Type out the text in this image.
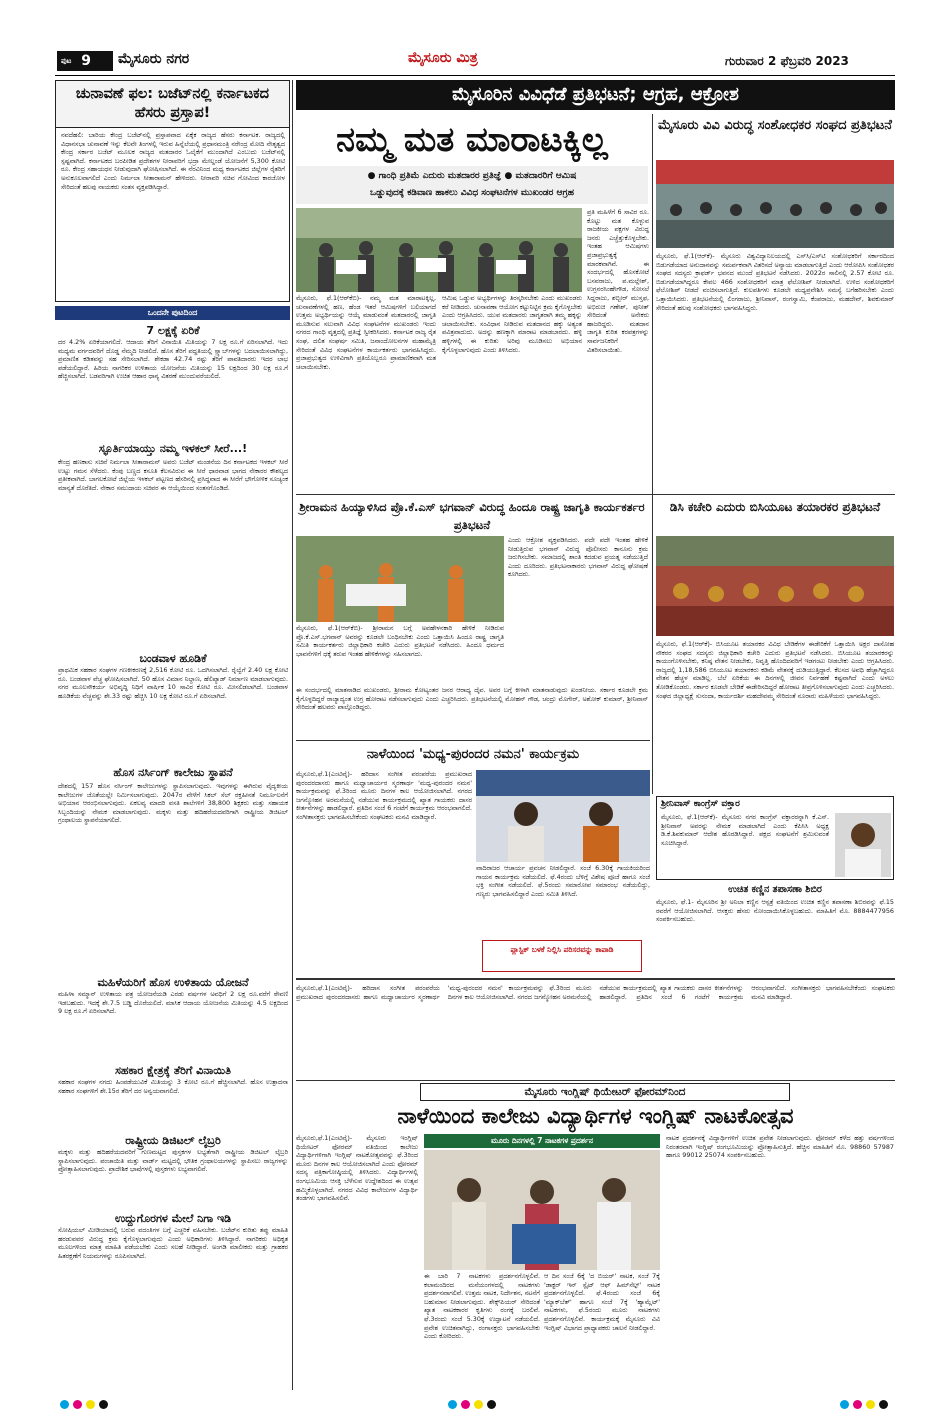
ಪುಟ 9 ಮೈಸೂರು ನಗರ	ಮೈಸೂರು ಮಿತ್ರ	ಗುರುವಾರ 2 ಫೆಬ್ರವರಿ 2023
ಚುನಾವಣೆ ಫಲ: ಬಜೆಟ್‌ನಲ್ಲಿ ಕರ್ನಾಟಕದ ಹೆಸರು ಪ್ರಸ್ತಾಪ!
ನವದೆಹಲಿ: ಬಾರಿಯ ಕೇಂದ್ರ ಬಜೆಟ್‌ನಲ್ಲಿ ಪ್ರಸ್ತಾಪವಾದ ಏಕೈಕ ರಾಜ್ಯದ ಹೆಸರು ಕರ್ನಾಟಕ. ರಾಜ್ಯದಲ್ಲಿ ವಿಧಾನಸಭಾ ಚುನಾವಣೆ ಇನ್ನು ಕೆಲವೇ ತಿಂಗಳಲ್ಲಿ ಇರುವ ಹಿನ್ನೆಲೆಯಲ್ಲಿ ಪ್ರಧಾನಮಂತ್ರಿ ನರೇಂದ್ರ ಮೋದಿ ನೇತೃತ್ವದ ಕೇಂದ್ರ ಸರ್ಕಾರ ಬಜೆಟ್ ಮೂಲಕ ರಾಜ್ಯದ ಮತದಾರರ ಓಲೈಕೆಗೆ ಮುಂದಾಗಿದೆ ಎಂಬುದು ಬಜೆಟ್‌ನಲ್ಲಿ ಸ್ಪಷ್ಟವಾಗಿದೆ. ಕರ್ನಾಟಕದ ಬರಪೀಡಿತ ಪ್ರದೇಶಗಳ ನೀರಾವರಿಗೆ ಭದ್ರಾ ಮೇಲ್ದಂಡೆ ಯೋಜನೆಗೆ 5,300 ಕೋಟಿ ರೂ. ಕೇಂದ್ರ ಸಹಾಯಧನ ನೀಡುವುದಾಗಿ ಘೋಷಿಸಲಾಗಿದೆ. ಈ ನೆರವಿನಿಂದ ಮಧ್ಯ ಕರ್ನಾಟಕದ ಜಿಲ್ಲೆಗಳ ರೈತರಿಗೆ ಅನುಕೂಲವಾಗಲಿದೆ ಎಂದು ನಿರ್ಮಲಾ ಸೀತಾರಾಮನ್ ಹೇಳಿದರು. ನೀರಾವರಿ ಸಚಿವ ಗೋವಿಂದ ಕಾರಜೋಳ ಸೇರಿದಂತೆ ಹಲವು ನಾಯಕರು ಸಂತಸ ವ್ಯಕ್ತಪಡಿಸಿದ್ದಾರೆ.
ಒಂದನೇ ಪುಟದಿಂದ
7 ಲಕ್ಷಕ್ಕೆ ಏರಿಕೆ
ದರ 4.2% ಏರಿಕೆಯಾಗಲಿದೆ. ಆದಾಯ ತೆರಿಗೆ ವಿನಾಯಿತಿ ಮಿತಿಯನ್ನು 7 ಲಕ್ಷ ರೂ.ಗೆ ಏರಿಸಲಾಗಿದೆ. ಇದು ಮಧ್ಯಮ ವರ್ಗದವರಿಗೆ ದೊಡ್ಡ ನೆಮ್ಮದಿ ನೀಡಲಿದೆ. ಹೊಸ ತೆರಿಗೆ ಪದ್ಧತಿಯಲ್ಲಿ ಸ್ಲ್ಯಾಬ್‌ಗಳನ್ನು ಬದಲಾಯಿಸಲಾಗಿದ್ದು, ಪ್ರಮಾಣಿತ ಕಡಿತವನ್ನು ಸಹ ಸೇರಿಸಲಾಗಿದೆ. ಶೇಕಡಾ 42.74 ರಷ್ಟು ತೆರಿಗೆ ಪಾವತಿದಾರರು ಇದರ ಲಾಭ ಪಡೆಯಲಿದ್ದಾರೆ. ಹಿರಿಯ ನಾಗರಿಕರ ಉಳಿತಾಯ ಯೋಜನೆಯ ಮಿತಿಯನ್ನು 15 ಲಕ್ಷದಿಂದ 30 ಲಕ್ಷ ರೂ.ಗೆ ಹೆಚ್ಚಿಸಲಾಗಿದೆ. ಬಡವರಿಗಾಗಿ ಉಚಿತ ಆಹಾರ ಧಾನ್ಯ ವಿತರಣೆ ಮುಂದುವರೆಯಲಿದೆ.
ಸ್ಫೂರ್ತಿಯಾಯ್ತು ನಮ್ಮ ಇಳಕಲ್ ಸೀರೆ...!
ಕೇಂದ್ರ ಹಣಕಾಸು ಸಚಿವೆ ನಿರ್ಮಲಾ ಸೀತಾರಾಮನ್ ಅವರು ಬಜೆಟ್ ಮಂಡನೆಯ ದಿನ ಕರ್ನಾಟಕದ ಇಳಕಲ್ ಸೀರೆ ಉಟ್ಟು ಗಮನ ಸೆಳೆದರು. ಕೆಂಪು ಬಣ್ಣದ ಕಸೂತಿ ಕೆಲಸವಿರುವ ಈ ಸೀರೆ ಧಾರವಾಡ ಭಾಗದ ನೇಕಾರರ ಕೌಶಲ್ಯದ ಪ್ರತೀಕವಾಗಿದೆ. ಬಾಗಲಕೋಟೆ ಜಿಲ್ಲೆಯ ಇಳಕಲ್ ಪಟ್ಟಣದ ಹೆಸರಿನಲ್ಲಿ ಪ್ರಸಿದ್ಧವಾದ ಈ ಸೀರೆಗೆ ಭೌಗೋಳಿಕ ಸೂಚ್ಯಂಕ ಮಾನ್ಯತೆ ದೊರೆತಿದೆ. ನೇಕಾರ ಸಮುದಾಯ ಸಚಿವರ ಈ ಆಯ್ಕೆಯಿಂದ ಸಂತಸಗೊಂಡಿದೆ.
ಬಂಡವಾಳ ಹೂಡಿಕೆ
ಪ್ರಾಥಮಿಕ ಸಹಕಾರ ಸಂಘಗಳ ಗಣಕೀಕರಣಕ್ಕೆ 2,516 ಕೋಟಿ ರೂ. ಒದಗಿಸಲಾಗಿದೆ. ರೈಲ್ವೆಗೆ 2.40 ಲಕ್ಷ ಕೋಟಿ ರೂ. ಬಂಡವಾಳ ವೆಚ್ಚ ಘೋಷಿಸಲಾಗಿದೆ. 50 ಹೊಸ ವಿಮಾನ ನಿಲ್ದಾಣ, ಹೆಲಿಪ್ಯಾಡ್ ನಿರ್ಮಾಣ ಮಾಡಲಾಗುವುದು. ನಗರ ಮೂಲಸೌಕರ್ಯ ಅಭಿವೃದ್ಧಿ ನಿಧಿಗೆ ವಾರ್ಷಿಕ 10 ಸಾವಿರ ಕೋಟಿ ರೂ. ಮೀಸಲಿಡಲಾಗಿದೆ. ಬಂಡವಾಳ ಹೂಡಿಕೆಯ ವೆಚ್ಚವನ್ನು ಶೇ.33 ರಷ್ಟು ಹೆಚ್ಚಿಸಿ 10 ಲಕ್ಷ ಕೋಟಿ ರೂ.ಗೆ ಏರಿಸಲಾಗಿದೆ.
ಹೊಸ ನರ್ಸಿಂಗ್ ಕಾಲೇಜು ಸ್ಥಾಪನೆ
ದೇಶದಲ್ಲಿ 157 ಹೊಸ ನರ್ಸಿಂಗ್ ಕಾಲೇಜುಗಳನ್ನು ಸ್ಥಾಪಿಸಲಾಗುವುದು. ಇವುಗಳನ್ನು ಈಗಿರುವ ವೈದ್ಯಕೀಯ ಕಾಲೇಜುಗಳ ಜೊತೆಯಲ್ಲೇ ನಿರ್ಮಿಸಲಾಗುವುದು. 2047ರ ವೇಳೆಗೆ ಸಿಕಲ್ ಸೆಲ್ ರಕ್ತಹೀನತೆ ನಿರ್ಮೂಲನೆಗೆ ಅಭಿಯಾನ ಆರಂಭಿಸಲಾಗುವುದು. ಏಕಲವ್ಯ ಮಾದರಿ ವಸತಿ ಶಾಲೆಗಳಿಗೆ 38,800 ಶಿಕ್ಷಕರು ಮತ್ತು ಸಹಾಯಕ ಸಿಬ್ಬಂದಿಯನ್ನು ನೇಮಕ ಮಾಡಲಾಗುವುದು. ಮಕ್ಕಳು ಮತ್ತು ಹದಿಹರೆಯದವರಿಗಾಗಿ ರಾಷ್ಟ್ರೀಯ ಡಿಜಿಟಲ್ ಗ್ರಂಥಾಲಯ ಸ್ಥಾಪನೆಯಾಗಲಿದೆ.
ಮಹಿಳೆಯರಿಗೆ ಹೊಸ ಉಳಿತಾಯ ಯೋಜನೆ
ಮಹಿಳಾ ಸಮ್ಮಾನ್ ಉಳಿತಾಯ ಪತ್ರ ಯೋಜನೆಯಡಿ ಎರಡು ವರ್ಷಗಳ ಅವಧಿಗೆ 2 ಲಕ್ಷ ರೂ.ವರೆಗೆ ಠೇವಣಿ ಇಡಬಹುದು. ಇದಕ್ಕೆ ಶೇ.7.5 ಬಡ್ಡಿ ದೊರೆಯಲಿದೆ. ಮಾಸಿಕ ಆದಾಯ ಯೋಜನೆಯ ಮಿತಿಯನ್ನು 4.5 ಲಕ್ಷದಿಂದ 9 ಲಕ್ಷ ರೂ.ಗೆ ಏರಿಸಲಾಗಿದೆ.
ಸಹಕಾರ ಕ್ಷೇತ್ರಕ್ಕೆ ತೆರಿಗೆ ವಿನಾಯಿತಿ
ಸಹಕಾರ ಸಂಘಗಳ ನಗದು ಹಿಂಪಡೆಯುವಿಕೆ ಮಿತಿಯನ್ನು 3 ಕೋಟಿ ರೂ.ಗೆ ಹೆಚ್ಚಿಸಲಾಗಿದೆ. ಹೊಸ ಉತ್ಪಾದನಾ ಸಹಕಾರ ಸಂಘಗಳಿಗೆ ಶೇ.15ರ ತೆರಿಗೆ ದರ ಅನ್ವಯವಾಗಲಿದೆ.
ರಾಷ್ಟ್ರೀಯ ಡಿಜಿಟಲ್ ಲೈಬ್ರರಿ
ಮಕ್ಕಳು ಮತ್ತು ಹದಿಹರೆಯದವರಿಗೆ ಗುಣಮಟ್ಟದ ಪುಸ್ತಕಗಳ ಲಭ್ಯತೆಗಾಗಿ ರಾಷ್ಟ್ರೀಯ ಡಿಜಿಟಲ್ ಲೈಬ್ರರಿ ಸ್ಥಾಪಿಸಲಾಗುವುದು. ಪಂಚಾಯಿತಿ ಮತ್ತು ವಾರ್ಡ್ ಮಟ್ಟದಲ್ಲಿ ಭೌತಿಕ ಗ್ರಂಥಾಲಯಗಳನ್ನು ಸ್ಥಾಪಿಸಲು ರಾಜ್ಯಗಳನ್ನು ಪ್ರೋತ್ಸಾಹಿಸಲಾಗುವುದು. ಪ್ರಾದೇಶಿಕ ಭಾಷೆಗಳಲ್ಲಿ ಪುಸ್ತಕಗಳು ಲಭ್ಯವಾಗಲಿವೆ.
ಉದ್ದುಗೊರಗಳ ಮೇಲೆ ನಿಗಾ ಇಡಿ
ಸೋಷಿಯಲ್ ಮೀಡಿಯಾದಲ್ಲಿ ಬರುವ ವದಂತಿಗಳ ಬಗ್ಗೆ ಎಚ್ಚರಿಕೆ ವಹಿಸಬೇಕು. ಬಜೆಟ್‌ನ ಕುರಿತು ತಪ್ಪು ಮಾಹಿತಿ ಹರಡುವವರ ವಿರುದ್ಧ ಕ್ರಮ ಕೈಗೊಳ್ಳಲಾಗುವುದು ಎಂದು ಅಧಿಕಾರಿಗಳು ತಿಳಿಸಿದ್ದಾರೆ. ನಾಗರಿಕರು ಅಧಿಕೃತ ಮೂಲಗಳಿಂದ ಮಾತ್ರ ಮಾಹಿತಿ ಪಡೆಯಬೇಕು ಎಂದು ಸಲಹೆ ನೀಡಿದ್ದಾರೆ. ಅಂಗಡಿ ಮಾಲೀಕರು ಮತ್ತು ಗ್ರಾಹಕರ ಹಿತರಕ್ಷಣೆಗೆ ನಿಯಮಗಳನ್ನು ರೂಪಿಸಲಾಗಿದೆ.
ಮೈಸೂರಿನ ವಿವಿಧೆಡೆ ಪ್ರತಿಭಟನೆ; ಆಗ್ರಹ, ಆಕ್ರೋಶ
ನಮ್ಮ ಮತ ಮಾರಾಟಕ್ಕಿಲ್ಲ
● ಗಾಂಧಿ ಪ್ರತಿಮೆ ಎದುರು ಮತದಾರರ ಪ್ರತಿಜ್ಞೆ ● ಮತದಾರರಿಗೆ ಆಮಿಷ
ಒಡ್ಡುವುದಕ್ಕೆ ಕಡಿವಾಣ ಹಾಕಲು ವಿವಿಧ ಸಂಘಟನೆಗಳ ಮುಖಂಡರ ಆಗ್ರಹ
ಮೈಸೂರು, ಫೆ.1(ಆರ್‌ಕೆಬಿ)- ನಮ್ಮ ಮತ ಮಾರಾಟಕ್ಕಿಲ್ಲ, ಚುನಾವಣೆಗಳಲ್ಲಿ ಹಣ, ಹೆಂಡ ಇತರೆ ಆಮಿಷಗಳಿಗೆ ಬಲಿಯಾಗದೆ ಉತ್ತಮ ಅಭ್ಯರ್ಥಿಯನ್ನು ಆಯ್ಕೆ ಮಾಡುವಂತೆ ಮತದಾರರಲ್ಲಿ ಜಾಗೃತಿ ಮೂಡಿಸುವ ಸಲುವಾಗಿ ವಿವಿಧ ಸಂಘಟನೆಗಳ ಮುಖಂಡರು ಇಂದು ನಗರದ ಗಾಂಧಿ ವೃತ್ತದಲ್ಲಿ ಪ್ರತಿಜ್ಞೆ ಸ್ವೀಕರಿಸಿದರು. ಕರ್ನಾಟಕ ರಾಜ್ಯ ರೈತ ಸಂಘ, ದಲಿತ ಸಂಘರ್ಷ ಸಮಿತಿ, ಜನಾಂದೋಲನಗಳ ಮಹಾಮೈತ್ರಿ ಸೇರಿದಂತೆ ವಿವಿಧ ಸಂಘಟನೆಗಳ ಕಾರ್ಯಕರ್ತರು ಭಾಗವಹಿಸಿದ್ದರು. ಪ್ರಜಾಪ್ರಭುತ್ವದ ಉಳಿವಿಗಾಗಿ ಪ್ರತಿಯೊಬ್ಬರೂ ಪ್ರಾಮಾಣಿಕವಾಗಿ ಮತ ಚಲಾಯಿಸಬೇಕು.
ಆಮಿಷ ಒಡ್ಡುವ ಅಭ್ಯರ್ಥಿಗಳನ್ನು ತಿರಸ್ಕರಿಸಬೇಕು ಎಂದು ಮುಖಂಡರು ಕರೆ ನೀಡಿದರು. ಚುನಾವಣಾ ಆಯೋಗ ಕಟ್ಟುನಿಟ್ಟಿನ ಕ್ರಮ ಕೈಗೊಳ್ಳಬೇಕು ಎಂದು ಆಗ್ರಹಿಸಿದರು. ಯುವ ಮತದಾರರು ಜಾಗೃತರಾಗಿ ತಮ್ಮ ಹಕ್ಕನ್ನು ಚಲಾಯಿಸಬೇಕು. ಸಂವಿಧಾನ ನೀಡಿರುವ ಮತದಾನದ ಹಕ್ಕು ಅತ್ಯಂತ ಪವಿತ್ರವಾದುದು. ಅದನ್ನು ಹಣಕ್ಕಾಗಿ ಮಾರಾಟ ಮಾಡಬಾರದು. ಹಳ್ಳಿ ಹಳ್ಳಿಗಳಲ್ಲಿ ಈ ಕುರಿತು ಅರಿವು ಮೂಡಿಸಲು ಅಭಿಯಾನ ಕೈಗೊಳ್ಳಲಾಗುವುದು ಎಂದು ತಿಳಿಸಿದರು.
ಪ್ರತಿ ಮಹಿಳೆಗೆ 6 ಸಾವಿರ ರೂ. ಕೊಟ್ಟು ಮತ ಕೊಳ್ಳುವ ರಾಜಕೀಯ ಪಕ್ಷಗಳ ವಿರುದ್ಧ ಜನರು ಎಚ್ಚೆತ್ತುಕೊಳ್ಳಬೇಕು. ಇಂತಹ ಆಮಿಷಗಳು ಪ್ರಜಾಪ್ರಭುತ್ವಕ್ಕೆ ಮಾರಕವಾಗಿವೆ. ಈ ಸಂದರ್ಭದಲ್ಲಿ ಹೊಸಕೋಟೆ ಬಸವರಾಜು, ಪ.ಮಲ್ಲೇಶ್, ಉಗ್ರನರಸಿಂಹೇಗೌಡ, ಸೋಸಲೆ ಸಿದ್ದರಾಜು, ಶಬ್ಬೀರ್ ಮುಸ್ತಫ, ಅಭಿರುಚಿ ಗಣೇಶ್, ಪುನೀತ್ ಸೇರಿದಂತೆ ಅನೇಕರು ಹಾಜರಿದ್ದರು. ಮತದಾನ ಜಾಗೃತಿ ಕುರಿತ ಕರಪತ್ರಗಳನ್ನು ಸಾರ್ವಜನಿಕರಿಗೆ ವಿತರಿಸಲಾಯಿತು.
ಮೈಸೂರು ವಿವಿ ವಿರುದ್ಧ ಸಂಶೋಧಕರ ಸಂಘದ ಪ್ರತಿಭಟನೆ
ಮೈಸೂರು, ಫೆ.1(ಆರ್‌ಕೆ)- ಮೈಸೂರು ವಿಶ್ವವಿದ್ಯಾನಿಲಯದಲ್ಲಿ ಎಸ್‌ಸಿ/ಎಸ್‌ಟಿ ಸಂಶೋಧಕರಿಗೆ ಸರ್ಕಾರದಿಂದ ಬಿಡುಗಡೆಯಾದ ಅನುದಾನವನ್ನು ಸಮರ್ಪಕವಾಗಿ ವಿತರಿಸದೆ ಅನ್ಯಾಯ ಮಾಡಲಾಗುತ್ತಿದೆ ಎಂದು ಆರೋಪಿಸಿ ಸಂಶೋಧಕರ ಸಂಘದ ಸದಸ್ಯರು ಕ್ರಾಫರ್ಡ್ ಭವನದ ಮುಂದೆ ಪ್ರತಿಭಟನೆ ನಡೆಸಿದರು. 2022ರ ಸಾಲಿನಲ್ಲಿ 2.57 ಕೋಟಿ ರೂ. ಬಿಡುಗಡೆಯಾಗಿದ್ದರೂ ಕೇವಲ 466 ಸಂಶೋಧಕರಿಗೆ ಮಾತ್ರ ಫೆಲೋಶಿಪ್ ನೀಡಲಾಗಿದೆ. ಉಳಿದ ಸಂಶೋಧಕರಿಗೆ ಫೆಲೋಶಿಪ್ ನೀಡದೆ ವಂಚಿಸಲಾಗುತ್ತಿದೆ. ಕುಲಪತಿಗಳು ಕೂಡಲೇ ಮಧ್ಯಪ್ರವೇಶಿಸಿ ಸಮಸ್ಯೆ ಬಗೆಹರಿಸಬೇಕು ಎಂದು ಒತ್ತಾಯಿಸಿದರು. ಪ್ರತಿಭಟನೆಯಲ್ಲಿ ಲಿಂಗರಾಜು, ಶ್ರೀನಿವಾಸ್, ರಂಗಸ್ವಾಮಿ, ಕೆಂಪರಾಜು, ಮಹದೇವ್, ಶಿವಕುಮಾರ್ ಸೇರಿದಂತೆ ಹಲವು ಸಂಶೋಧಕರು ಭಾಗವಹಿಸಿದ್ದರು.
ಶ್ರೀರಾಮನ ಹಿಯ್ಯಾಳಿಸಿದ ಪ್ರೊ.ಕೆ.ಎಸ್ ಭಗವಾನ್ ವಿರುದ್ಧ ಹಿಂದೂ ರಾಷ್ಟ್ರ ಜಾಗೃತಿ ಕಾರ್ಯಕರ್ತರ ಪ್ರತಿಭಟನೆ
ಮೈಸೂರು, ಫೆ.1(ಆರ್‌ಕೆಬಿ)- ಶ್ರೀರಾಮನ ಬಗ್ಗೆ ಅವಹೇಳನಕಾರಿ ಹೇಳಿಕೆ ನೀಡಿರುವ ಪ್ರೊ.ಕೆ.ಎಸ್.ಭಗವಾನ್ ಅವರನ್ನು ಕೂಡಲೇ ಬಂಧಿಸಬೇಕು ಎಂದು ಒತ್ತಾಯಿಸಿ ಹಿಂದೂ ರಾಷ್ಟ್ರ ಜಾಗೃತಿ ಸಮಿತಿ ಕಾರ್ಯಕರ್ತರು ಜಿಲ್ಲಾಧಿಕಾರಿ ಕಚೇರಿ ಎದುರು ಪ್ರತಿಭಟನೆ ನಡೆಸಿದರು. ಹಿಂದೂ ಧರ್ಮದ ಭಾವನೆಗಳಿಗೆ ಧಕ್ಕೆ ತರುವ ಇಂತಹ ಹೇಳಿಕೆಗಳನ್ನು ಸಹಿಸಲಾಗದು.
ಎಂದು ಆಕ್ರೋಶ ವ್ಯಕ್ತಪಡಿಸಿದರು. ಪದೇ ಪದೇ ಇಂತಹ ಹೇಳಿಕೆ ನೀಡುತ್ತಿರುವ ಭಗವಾನ್ ವಿರುದ್ಧ ಪೊಲೀಸರು ಕಾನೂನು ಕ್ರಮ ಜರುಗಿಸಬೇಕು. ಸಮಾಜದಲ್ಲಿ ಶಾಂತಿ ಕದಡುವ ಪ್ರಯತ್ನ ನಡೆಯುತ್ತಿದೆ ಎಂದು ದೂರಿದರು. ಪ್ರತಿಭಟನಾಕಾರರು ಭಗವಾನ್ ವಿರುದ್ಧ ಘೋಷಣೆ ಕೂಗಿದರು.
ಈ ಸಂದರ್ಭದಲ್ಲಿ ಮಾತನಾಡಿದ ಮುಖಂಡರು, ಶ್ರೀರಾಮ ಕೋಟ್ಯಂತರ ಜನರ ಆರಾಧ್ಯ ದೈವ. ಅವರ ಬಗ್ಗೆ ಕೀಳಾಗಿ ಮಾತನಾಡುವುದು ಖಂಡನೀಯ. ಸರ್ಕಾರ ಕೂಡಲೇ ಕ್ರಮ ಕೈಗೊಳ್ಳದಿದ್ದರೆ ರಾಜ್ಯಾದ್ಯಂತ ಉಗ್ರ ಹೋರಾಟ ನಡೆಸಲಾಗುವುದು ಎಂದು ಎಚ್ಚರಿಸಿದರು. ಪ್ರತಿಭಟನೆಯಲ್ಲಿ ಮೋಹನ್ ಗೌಡ, ಚಂದ್ರು ಮೊಗೇರ್, ಅಶೋಕ್ ಕುಮಾರ್, ಶ್ರೀನಿವಾಸ್ ಸೇರಿದಂತೆ ಹಲವರು ಪಾಲ್ಗೊಂಡಿದ್ದರು.
ಡಿಸಿ ಕಚೇರಿ ಎದುರು ಬಿಸಿಯೂಟ ತಯಾರಕರ ಪ್ರತಿಭಟನೆ
ಮೈಸೂರು, ಫೆ.1(ಆರ್‌ಕೆ)- ಬಿಸಿಯೂಟ ತಯಾರಕರ ವಿವಿಧ ಬೇಡಿಕೆಗಳ ಈಡೇರಿಕೆಗೆ ಒತ್ತಾಯಿಸಿ ಅಕ್ಷರ ದಾಸೋಹ ನೌಕರರ ಸಂಘದ ಸದಸ್ಯರು ಜಿಲ್ಲಾಧಿಕಾರಿ ಕಚೇರಿ ಎದುರು ಪ್ರತಿಭಟನೆ ನಡೆಸಿದರು. ಬಿಸಿಯೂಟ ತಯಾರಕರನ್ನು ಕಾಯಂಗೊಳಿಸಬೇಕು, ಕನಿಷ್ಠ ವೇತನ ನೀಡಬೇಕು, ನಿವೃತ್ತಿ ಹೊಂದಿದವರಿಗೆ ಇಡಗಂಟು ನೀಡಬೇಕು ಎಂದು ಆಗ್ರಹಿಸಿದರು. ರಾಜ್ಯದಲ್ಲಿ 1,18,586 ಬಿಸಿಯೂಟ ತಯಾರಕರು ಕಡಿಮೆ ವೇತನಕ್ಕೆ ದುಡಿಯುತ್ತಿದ್ದಾರೆ. ಕೆಲಸದ ಅವಧಿ ಹೆಚ್ಚಾಗಿದ್ದರೂ ವೇತನ ಹೆಚ್ಚಳ ಮಾಡಿಲ್ಲ. ಬೆಲೆ ಏರಿಕೆಯ ಈ ದಿನಗಳಲ್ಲಿ ಜೀವನ ನಿರ್ವಹಣೆ ಕಷ್ಟವಾಗಿದೆ ಎಂದು ಅಳಲು ತೋಡಿಕೊಂಡರು. ಸರ್ಕಾರ ಕೂಡಲೇ ಬೇಡಿಕೆ ಈಡೇರಿಸದಿದ್ದರೆ ಹೋರಾಟ ತೀವ್ರಗೊಳಿಸಲಾಗುವುದು ಎಂದು ಎಚ್ಚರಿಸಿದರು. ಸಂಘದ ಜಿಲ್ಲಾಧ್ಯಕ್ಷೆ ಸುನಂದಾ, ಕಾರ್ಯದರ್ಶಿ ಮಹದೇವಮ್ಮ ಸೇರಿದಂತೆ ನೂರಾರು ಮಹಿಳೆಯರು ಭಾಗವಹಿಸಿದ್ದರು.
ಶ್ರೀನಿವಾಸ್ ಕಾಂಗ್ರೆಸ್ ವಕ್ತಾರ
ಮೈಸೂರು, ಫೆ.1(ಆರ್‌ಕೆ)- ಮೈಸೂರು ನಗರ ಕಾಂಗ್ರೆಸ್ ವಕ್ತಾರರನ್ನಾಗಿ ಕೆ.ಎಸ್. ಶ್ರೀನಿವಾಸ್ ಅವರನ್ನು ನೇಮಕ ಮಾಡಲಾಗಿದೆ ಎಂದು ಕೆಪಿಸಿಸಿ ಅಧ್ಯಕ್ಷ ಡಿ.ಕೆ.ಶಿವಕುಮಾರ್ ಆದೇಶ ಹೊರಡಿಸಿದ್ದಾರೆ. ಪಕ್ಷದ ಸಂಘಟನೆಗೆ ಶ್ರಮಿಸುವಂತೆ ಸೂಚಿಸಿದ್ದಾರೆ.
ಉಚಿತ ಕಣ್ಣಿನ ತಪಾಸಣಾ ಶಿಬಿರ
ಮೈಸೂರು, ಫೆ.1- ಮೈಸೂರಿನ ಶ್ರೀ ಅನಿಲಾ ಕಣ್ಣಿನ ಆಸ್ಪತ್ರೆ ವತಿಯಿಂದ ಉಚಿತ ಕಣ್ಣಿನ ತಪಾಸಣಾ ಶಿಬಿರವನ್ನು ಫೆ.15 ರವರೆಗೆ ಆಯೋಜಿಸಲಾಗಿದೆ. ಆಸಕ್ತರು ಹೆಸರು ನೋಂದಾಯಿಸಿಕೊಳ್ಳಬಹುದು. ಮಾಹಿತಿಗೆ ಮೊ. 8884477956 ಸಂಪರ್ಕಿಸಬಹುದು.
ನಾಳೆಯಿಂದ 'ಮಧ್ಯ-ಪುರಂದರ ನಮನ' ಕಾರ್ಯಕ್ರಮ
ಮೈಸೂರು,ಫೆ.1(ಎಂಟಿವೈ)- ಹರಿದಾಸ ಸಂಗೀತ ಪರಂಪರೆಯ ಪ್ರಮುಖರಾದ ಪುರಂದರದಾಸರು ಹಾಗೂ ಮಧ್ವಾಚಾರ್ಯರ ಸ್ಮರಣಾರ್ಥ 'ಮಧ್ವ-ಪುರಂದರ ನಮನ' ಕಾರ್ಯಕ್ರಮವನ್ನು ಫೆ.3ರಿಂದ ಮೂರು ದಿನಗಳ ಕಾಲ ಆಯೋಜಿಸಲಾಗಿದೆ. ನಗರದ ಜಗನ್ಮೋಹನ ಅರಮನೆಯಲ್ಲಿ ನಡೆಯುವ ಕಾರ್ಯಕ್ರಮದಲ್ಲಿ ಖ್ಯಾತ ಗಾಯಕರು ದಾಸರ ಕೀರ್ತನೆಗಳನ್ನು ಹಾಡಲಿದ್ದಾರೆ. ಪ್ರತಿದಿನ ಸಂಜೆ 6 ಗಂಟೆಗೆ ಕಾರ್ಯಕ್ರಮ ಆರಂಭವಾಗಲಿದೆ. ಸಂಗೀತಾಸಕ್ತರು ಭಾಗವಹಿಸಬೇಕೆಂದು ಸಂಘಟಕರು ಮನವಿ ಮಾಡಿದ್ದಾರೆ.
ವಾದಿರಾಜರ ಆಚಾರ್ಯ ಪ್ರವಚನ ನೀಡಲಿದ್ದಾರೆ. ಸಂಜೆ 6.30ಕ್ಕೆ ಗಾಯಕಿಯರಿಂದ ಗಾಯನ ಕಾರ್ಯಕ್ರಮ ನಡೆಯಲಿದೆ. ಫೆ.4ರಂದು ಬೆಳಿಗ್ಗೆ ವಿಶೇಷ ಪೂಜೆ ಹಾಗೂ ಸಂಜೆ ಭಕ್ತಿ ಸಂಗೀತ ನಡೆಯಲಿದೆ. ಫೆ.5ರಂದು ಸಮಾರೋಪ ಸಮಾರಂಭ ನಡೆಯಲಿದ್ದು, ಗಣ್ಯರು ಭಾಗವಹಿಸಲಿದ್ದಾರೆ ಎಂದು ಸಮಿತಿ ತಿಳಿಸಿದೆ.
ಪ್ಲಾಸ್ಟಿಕ್ ಬಳಕೆ ನಿಲ್ಲಿಸಿ ಪರಿಸರವನ್ನು ಕಾಪಾಡಿ
ಮೈಸೂರು ಇಂಗ್ಲಿಷ್ ಥಿಯೇಟರ್ ಫೋರಮ್‌ನಿಂದ
ನಾಳೆಯಿಂದ ಕಾಲೇಜು ವಿದ್ಯಾರ್ಥಿಗಳ ಇಂಗ್ಲಿಷ್ ನಾಟಕೋತ್ಸವ
ಮೈಸೂರು,ಫೆ.1(ಎಂಟಿವೈ)- ಮೈಸೂರು ಇಂಗ್ಲಿಷ್ ಥಿಯೇಟರ್ ಫೋರಮ್ ವತಿಯಿಂದ ಕಾಲೇಜು ವಿದ್ಯಾರ್ಥಿಗಳಿಗಾಗಿ ಇಂಗ್ಲಿಷ್ ನಾಟಕೋತ್ಸವವನ್ನು ಫೆ.3ರಿಂದ ಮೂರು ದಿನಗಳ ಕಾಲ ಆಯೋಜಿಸಲಾಗಿದೆ ಎಂದು ಫೋರಮ್ ಸದಸ್ಯ ಪತ್ರಿಕಾಗೋಷ್ಠಿಯಲ್ಲಿ ತಿಳಿಸಿದರು. ವಿದ್ಯಾರ್ಥಿಗಳಲ್ಲಿ ರಂಗಭೂಮಿಯ ಆಸಕ್ತಿ ಬೆಳೆಸುವ ಉದ್ದೇಶದಿಂದ ಈ ಉತ್ಸವ ಹಮ್ಮಿಕೊಳ್ಳಲಾಗಿದೆ. ನಗರದ ವಿವಿಧ ಕಾಲೇಜುಗಳ ವಿದ್ಯಾರ್ಥಿ ತಂಡಗಳು ಭಾಗವಹಿಸಲಿವೆ.
ಮೂರು ದಿನಗಳಲ್ಲಿ 7 ನಾಟಕಗಳ ಪ್ರದರ್ಶನ
ಈ ಬಾರಿ 7 ನಾಟಕಗಳು ಪ್ರದರ್ಶನಗೊಳ್ಳಲಿವೆ. ಕಲಾಮಂದಿರದ ಮನೆಯಂಗಳದಲ್ಲಿ ನಾಟಕಗಳು ಪ್ರದರ್ಶನವಾಗಲಿವೆ. ಉತ್ತಮ ನಾಟಕ, ನಿರ್ದೇಶನ, ನಟನೆಗೆ ಬಹುಮಾನ ನೀಡಲಾಗುವುದು. ಶೇಕ್ಸ್‌ಪಿಯರ್ ಸೇರಿದಂತೆ ಖ್ಯಾತ ನಾಟಕಕಾರರ ಕೃತಿಗಳು ರಂಗಕ್ಕೆ ಬರಲಿವೆ. ಫೆ.3ರಂದು ಸಂಜೆ 5.30ಕ್ಕೆ ಉದ್ಘಾಟನೆ ನಡೆಯಲಿದೆ. ಪ್ರವೇಶ ಉಚಿತವಾಗಿದ್ದು, ರಂಗಾಸಕ್ತರು ಭಾಗವಹಿಸಬೇಕು ಎಂದು ಕೋರಿದರು.
ಆ ದಿನ ಸಂಜೆ 6ಕ್ಕೆ 'ದ ಬಿಯರ್' ನಾಟಕ, ಸಂಜೆ 7ಕ್ಕೆ 'ಡಾಕ್ಟರ್ ಇನ್ ಸ್ಪೈಟ್ ಆಫ್ ಹಿಮ್‌ಸೆಲ್ಫ್' ನಾಟಕ ಪ್ರದರ್ಶನಗೊಳ್ಳಲಿದೆ. ಫೆ.4ರಂದು ಸಂಜೆ 6ಕ್ಕೆ 'ಮ್ಯಾಕ್‌ಬೆತ್' ಹಾಗೂ ಸಂಜೆ 7ಕ್ಕೆ 'ಹ್ಯಾಮ್ಲೆಟ್' ನಾಟಕಗಳು, ಫೆ.5ರಂದು ಮೂರು ನಾಟಕಗಳು ಪ್ರದರ್ಶನಗೊಳ್ಳಲಿವೆ. ಕಾರ್ಯಕ್ರಮಕ್ಕೆ ಮೈಸೂರು ವಿವಿ ಇಂಗ್ಲಿಷ್ ವಿಭಾಗದ ಪ್ರಾಧ್ಯಾಪಕರು ಚಾಲನೆ ನೀಡಲಿದ್ದಾರೆ.
ನಾಟಕ ಪ್ರದರ್ಶನಕ್ಕೆ ವಿದ್ಯಾರ್ಥಿಗಳಿಗೆ ಉಚಿತ ಪ್ರವೇಶ ನೀಡಲಾಗುವುದು. ಫೋರಮ್ ಕಳೆದ ಹತ್ತು ವರ್ಷಗಳಿಂದ ನಿರಂತರವಾಗಿ ಇಂಗ್ಲಿಷ್ ರಂಗಭೂಮಿಯನ್ನು ಪ್ರೋತ್ಸಾಹಿಸುತ್ತಿದೆ. ಹೆಚ್ಚಿನ ಮಾಹಿತಿಗೆ ಮೊ. 98860 57987 ಹಾಗೂ 99012 25074 ಸಂಪರ್ಕಿಸಬಹುದು.
ಮೈಸೂರು,ಫೆ.1(ಎಂಟಿವೈ)- ಹರಿದಾಸ ಸಂಗೀತ ಪರಂಪರೆಯ ಪ್ರಮುಖರಾದ ಪುರಂದರದಾಸರು ಹಾಗೂ ಮಧ್ವಾಚಾರ್ಯರ ಸ್ಮರಣಾರ್ಥ 'ಮಧ್ವ-ಪುರಂದರ ನಮನ' ಕಾರ್ಯಕ್ರಮವನ್ನು ಫೆ.3ರಿಂದ ಮೂರು ದಿನಗಳ ಕಾಲ ಆಯೋಜಿಸಲಾಗಿದೆ. ನಗರದ ಜಗನ್ಮೋಹನ ಅರಮನೆಯಲ್ಲಿ ನಡೆಯುವ ಕಾರ್ಯಕ್ರಮದಲ್ಲಿ ಖ್ಯಾತ ಗಾಯಕರು ದಾಸರ ಕೀರ್ತನೆಗಳನ್ನು ಹಾಡಲಿದ್ದಾರೆ. ಪ್ರತಿದಿನ ಸಂಜೆ 6 ಗಂಟೆಗೆ ಕಾರ್ಯಕ್ರಮ ಆರಂಭವಾಗಲಿದೆ. ಸಂಗೀತಾಸಕ್ತರು ಭಾಗವಹಿಸಬೇಕೆಂದು ಸಂಘಟಕರು ಮನವಿ ಮಾಡಿದ್ದಾರೆ.
